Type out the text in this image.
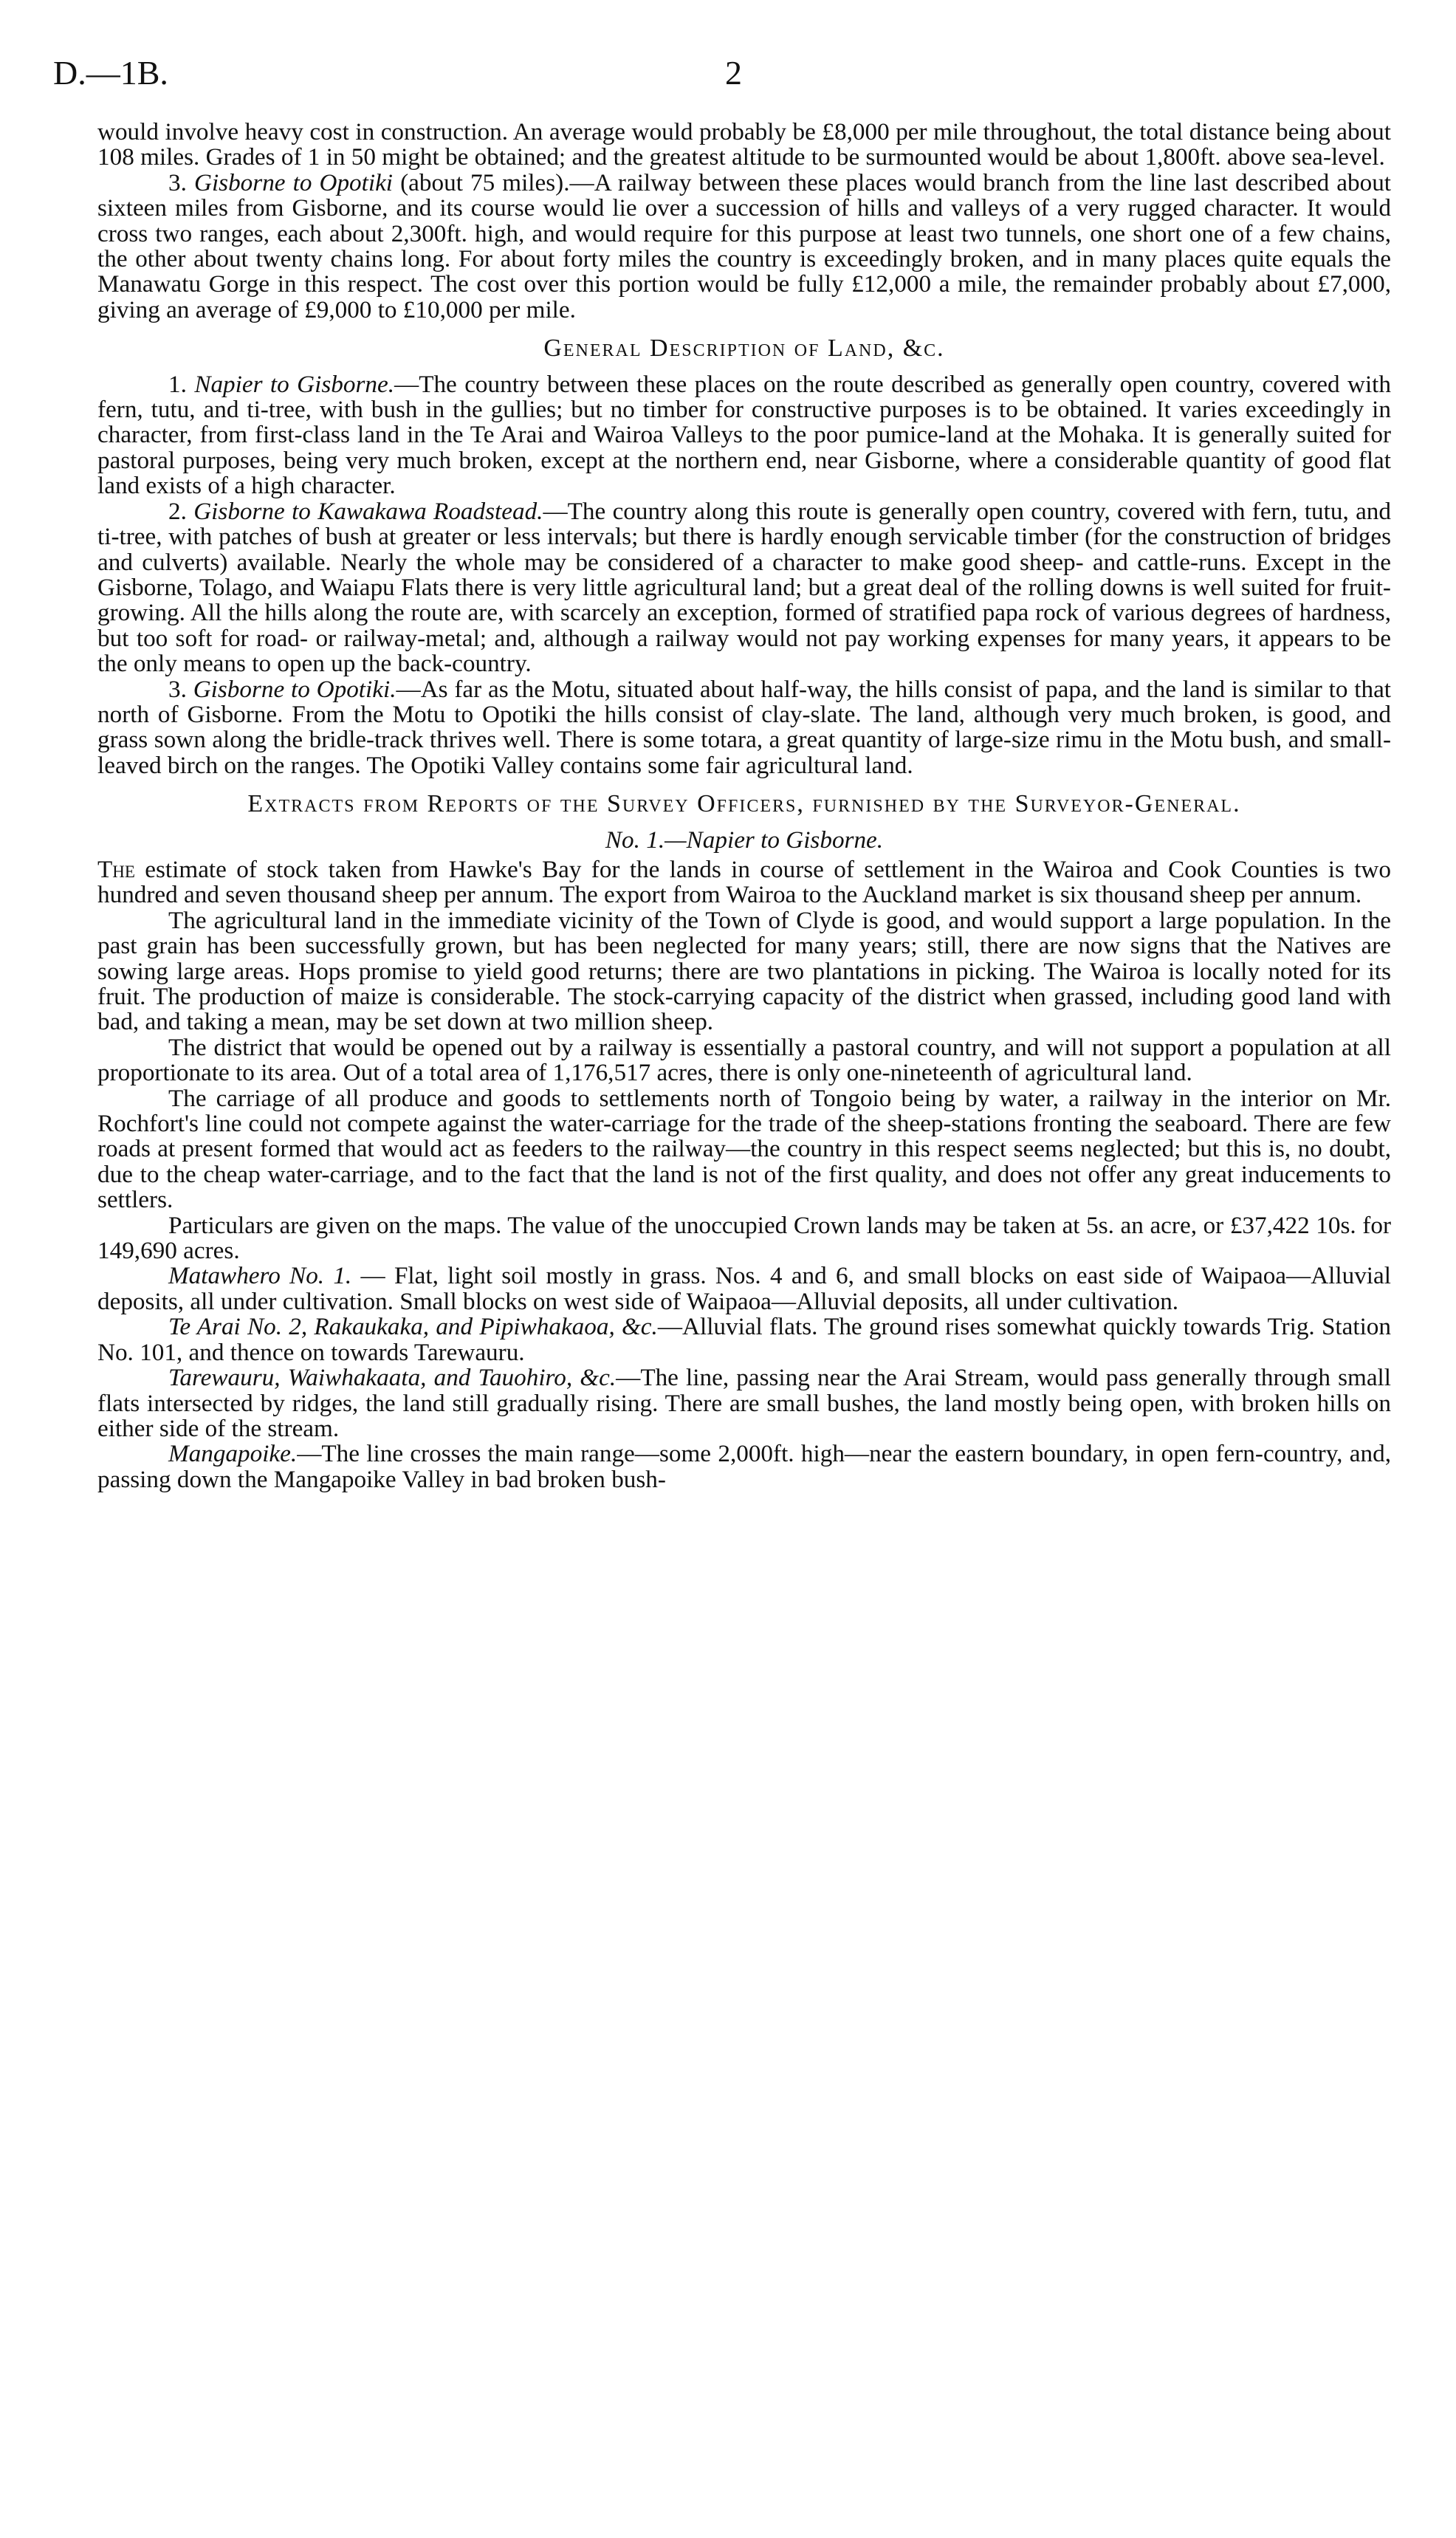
D.—1B.	2

would involve heavy cost in construction. An average would probably be £8,000 per mile throughout, the total distance being about 108 miles. Grades of 1 in 50 might be obtained; and the greatest altitude to be surmounted would be about 1,800ft. above sea-level.

3. Gisborne to Opotiki (about 75 miles).—A railway between these places would branch from the line last described about sixteen miles from Gisborne, and its course would lie over a succession of hills and valleys of a very rugged character. It would cross two ranges, each about 2,300ft. high, and would require for this purpose at least two tunnels, one short one of a few chains, the other about twenty chains long. For about forty miles the country is exceedingly broken, and in many places quite equals the Manawatu Gorge in this respect. The cost over this portion would be fully £12,000 a mile, the remainder probably about £7,000, giving an average of £9,000 to £10,000 per mile.

General Description of Land, &c.

1. Napier to Gisborne.—The country between these places on the route described as generally open country, covered with fern, tutu, and ti-tree, with bush in the gullies; but no timber for constructive purposes is to be obtained. It varies exceedingly in character, from first-class land in the Te Arai and Wairoa Valleys to the poor pumice-land at the Mohaka. It is generally suited for pastoral purposes, being very much broken, except at the northern end, near Gisborne, where a considerable quantity of good flat land exists of a high character.

2. Gisborne to Kawakawa Roadstead.—The country along this route is generally open country, covered with fern, tutu, and ti-tree, with patches of bush at greater or less intervals; but there is hardly enough servicable timber (for the construction of bridges and culverts) available. Nearly the whole may be considered of a character to make good sheep- and cattle-runs. Except in the Gisborne, Tolago, and Waiapu Flats there is very little agricultural land; but a great deal of the rolling downs is well suited for fruit-growing. All the hills along the route are, with scarcely an exception, formed of stratified papa rock of various degrees of hardness, but too soft for road- or railway-metal; and, although a railway would not pay working expenses for many years, it appears to be the only means to open up the back-country.

3. Gisborne to Opotiki.—As far as the Motu, situated about half-way, the hills consist of papa, and the land is similar to that north of Gisborne. From the Motu to Opotiki the hills consist of clay-slate. The land, although very much broken, is good, and grass sown along the bridle-track thrives well. There is some totara, a great quantity of large-size rimu in the Motu bush, and small-leaved birch on the ranges. The Opotiki Valley contains some fair agricultural land.

Extracts from Reports of the Survey Officers, furnished by the Surveyor-General.

No. 1.—Napier to Gisborne.

The estimate of stock taken from Hawke's Bay for the lands in course of settlement in the Wairoa and Cook Counties is two hundred and seven thousand sheep per annum. The export from Wairoa to the Auckland market is six thousand sheep per annum.

The agricultural land in the immediate vicinity of the Town of Clyde is good, and would support a large population. In the past grain has been successfully grown, but has been neglected for many years; still, there are now signs that the Natives are sowing large areas. Hops promise to yield good returns; there are two plantations in picking. The Wairoa is locally noted for its fruit. The production of maize is considerable. The stock-carrying capacity of the district when grassed, including good land with bad, and taking a mean, may be set down at two million sheep.

The district that would be opened out by a railway is essentially a pastoral country, and will not support a population at all proportionate to its area. Out of a total area of 1,176,517 acres, there is only one-nineteenth of agricultural land.

The carriage of all produce and goods to settlements north of Tongoio being by water, a railway in the interior on Mr. Rochfort's line could not compete against the water-carriage for the trade of the sheep-stations fronting the seaboard. There are few roads at present formed that would act as feeders to the railway—the country in this respect seems neglected; but this is, no doubt, due to the cheap water-carriage, and to the fact that the land is not of the first quality, and does not offer any great inducements to settlers.

Particulars are given on the maps. The value of the unoccupied Crown lands may be taken at 5s. an acre, or £37,422 10s. for 149,690 acres.

Matawhero No. 1. — Flat, light soil mostly in grass. Nos. 4 and 6, and small blocks on east side of Waipaoa—Alluvial deposits, all under cultivation. Small blocks on west side of Waipaoa—Alluvial deposits, all under cultivation.

Te Arai No. 2, Rakaukaka, and Pipiwhakaoa, &c.—Alluvial flats. The ground rises somewhat quickly towards Trig. Station No. 101, and thence on towards Tarewauru.

Tarewauru, Waiwhakaata, and Tauohiro, &c.—The line, passing near the Arai Stream, would pass generally through small flats intersected by ridges, the land still gradually rising. There are small bushes, the land mostly being open, with broken hills on either side of the stream.

Mangapoike.—The line crosses the main range—some 2,000ft. high—near the eastern boundary, in open fern-country, and, passing down the Mangapoike Valley in bad broken bush-
